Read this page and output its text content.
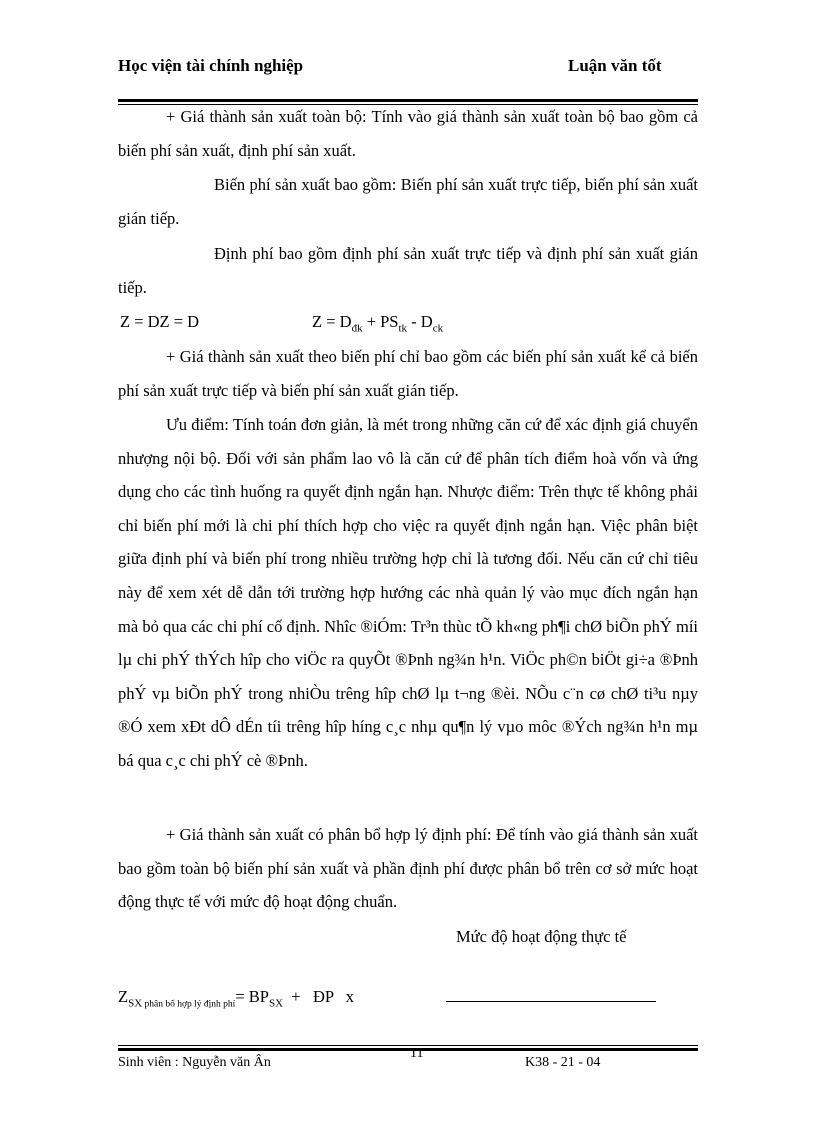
Học viện tài chính nghiệp	Luận văn tốt

+ Giá thành sản xuất toàn bộ: Tính vào giá thành sản xuất toàn bộ bao gồm cả biến phí sản xuất, định phí sản xuất.

Biến phí sản xuất bao gồm: Biến phí sản xuất trực tiếp, biến phí sản xuất gián tiếp.

Định phí bao gồm định phí sản xuất trực tiếp và định phí sản xuất gián tiếp.

Z = DZ = D	$Z = D_{đk} + PS_{tk} - D_{ck}$

+ Giá thành sản xuất theo biến phí chỉ bao gồm các biến phí sản xuất kể cả biến phí sản xuất trực tiếp và biến phí sản xuất gián tiếp.

Ưu điểm: Tính toán đơn giản, là mét trong những căn cứ để xác định giá chuyển nhượng nội bộ. Đối với sản phẩm lao vô là căn cứ để phân tích điểm hoà vốn và ứng dụng cho các tình huống ra quyết định ngắn hạn. Nhược điểm: Trên thực tế không phải chỉ biến phí mới là chi phí thích hợp cho việc ra quyết định ngắn hạn. Việc phân biệt giữa định phí và biến phí trong nhiều trường hợp chỉ là tương đối. Nếu căn cứ chỉ tiêu này để xem xét dễ dẫn tới trường hợp hướng các nhà quản lý vào mục đích ngắn hạn mà bỏ qua các chi phí cố định. Nhîc ®iÓm: Tr³n thùc tÕ kh«ng ph¶i chØ biÕn phÝ míi lµ chi phÝ thÝch hîp cho viÖc ra quyÕt ®Þnh ng¾n h¹n. ViÖc ph©n biÖt gi÷a ®Þnh phÝ vµ biÕn phÝ trong nhiÒu trêng hîp chØ lµ t¬ng ®èi. NÕu c¨n cø chØ ti³u nµy ®Ó xem xÐt dÔ dÉn tíi trêng hîp híng c¸c nhµ qu¶n lý vµo môc ®Ých ng¾n h¹n mµ bá qua c¸c chi phÝ cè ®Þnh.

+ Giá thành sản xuất có phân bổ hợp lý định phí: Để tính vào giá thành sản xuất bao gồm toàn bộ biến phí sản xuất và phần định phí được phân bổ trên cơ sở mức hoạt động thực tế với mức độ hoạt động chuẩn.

Mức độ hoạt động thực tế
$Z_{SX}$ $_{phân bổ hợp lý định phí}= BP_{SX}$  +   ĐP   x
Sinh viên : Nguyễn văn Ân
11
K38 - 21 - 04
